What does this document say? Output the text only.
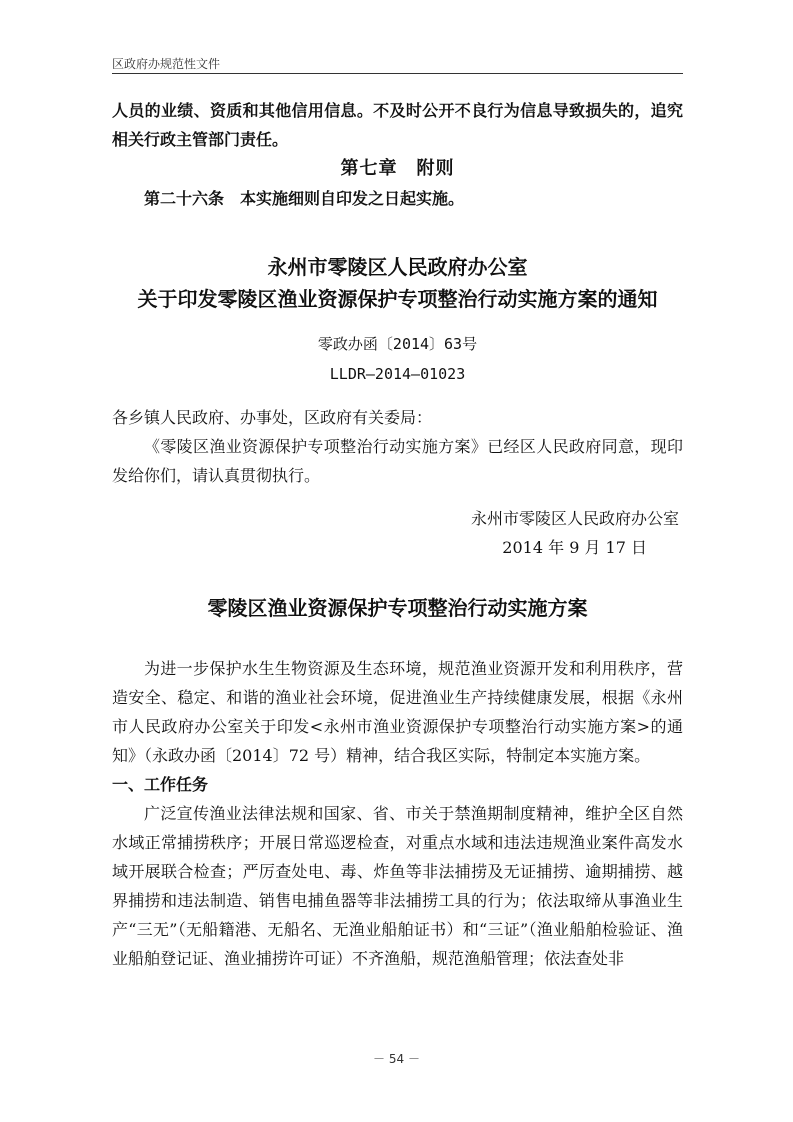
区政府办规范性文件

人员的业绩、资质和其他信用信息。不及时公开不良行为信息导致损失的，追究相关行政主管部门责任。

第七章　附则

第二十六条　本实施细则自印发之日起实施。

永州市零陵区人民政府办公室

关于印发零陵区渔业资源保护专项整治行动实施方案的通知

零政办函〔2014〕63号

LLDR—2014—01023

各乡镇人民政府、办事处，区政府有关委局：

《零陵区渔业资源保护专项整治行动实施方案》已经区人民政府同意，现印发给你们，请认真贯彻执行。

永州市零陵区人民政府办公室

2014 年 9 月 17 日

零陵区渔业资源保护专项整治行动实施方案

为进一步保护水生生物资源及生态环境，规范渔业资源开发和利用秩序，营造安全、稳定、和谐的渔业社会环境，促进渔业生产持续健康发展，根据《永州市人民政府办公室关于印发<永州市渔业资源保护专项整治行动实施方案>的通知》（永政办函〔2014〕72 号）精神，结合我区实际，特制定本实施方案。

一、工作任务

广泛宣传渔业法律法规和国家、省、市关于禁渔期制度精神，维护全区自然水域正常捕捞秩序；开展日常巡逻检查，对重点水域和违法违规渔业案件高发水域开展联合检查；严厉查处电、毒、炸鱼等非法捕捞及无证捕捞、逾期捕捞、越界捕捞和违法制造、销售电捕鱼器等非法捕捞工具的行为；依法取缔从事渔业生产“三无”（无船籍港、无船名、无渔业船舶证书）和“三证”（渔业船舶检验证、渔业船舶登记证、渔业捕捞许可证）不齐渔船，规范渔船管理；依法查处非

－ 54 －
